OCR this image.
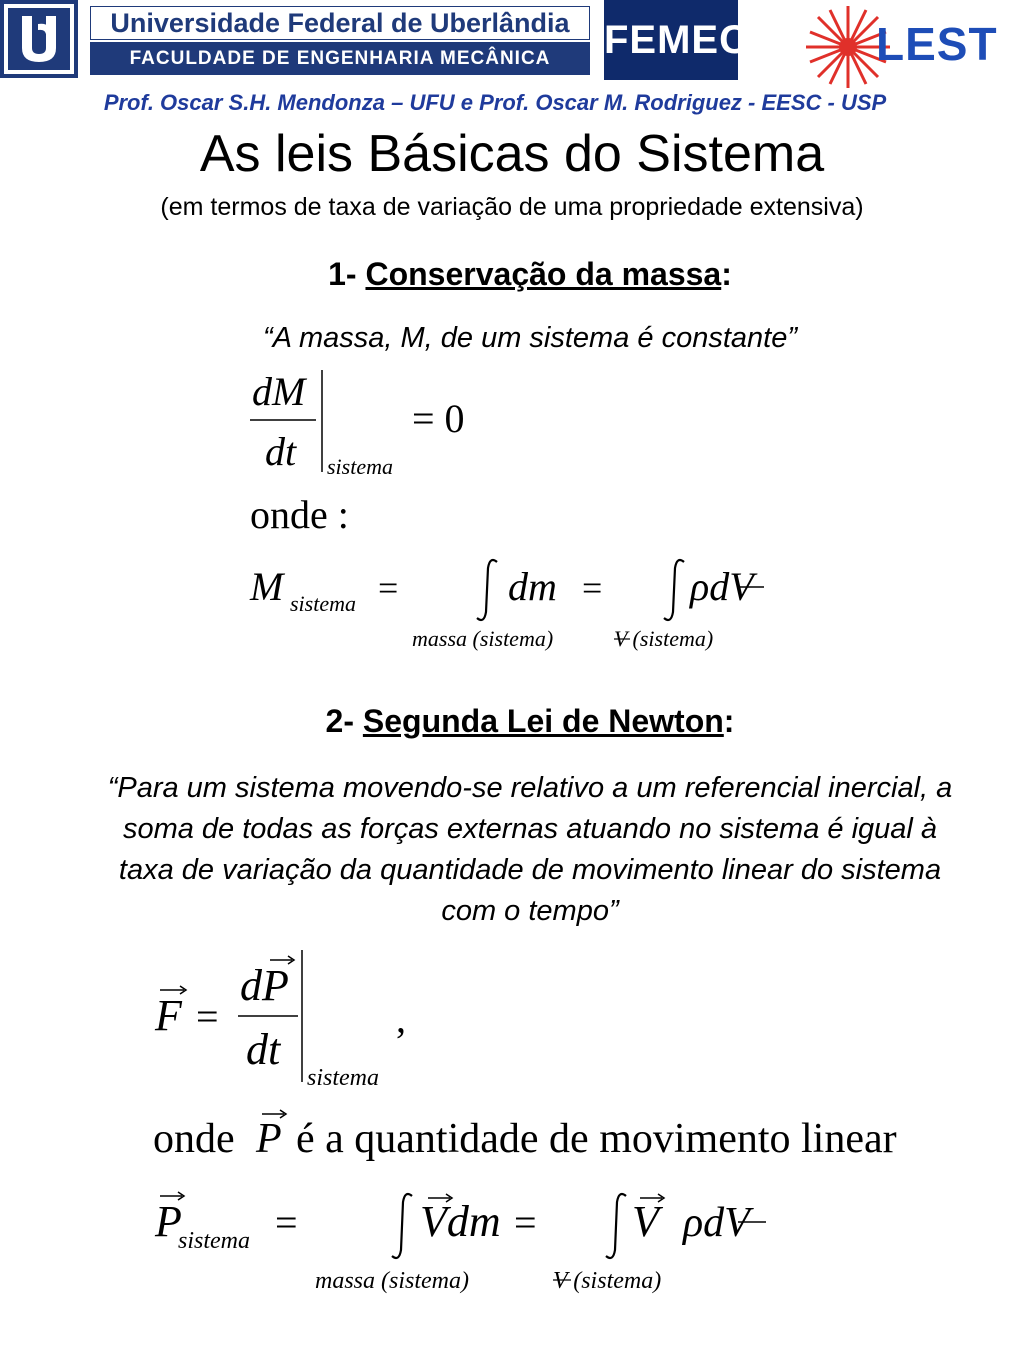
Universidade Federal de Uberlândia
FACULDADE DE ENGENHARIA MECÂNICA	FEMEC	LEST
Prof. Oscar S.H. Mendonza – UFU e Prof. Oscar M. Rodriguez - EESC - USP
As leis Básicas do Sistema
(em termos de taxa de variação de uma propriedade extensiva)
1- Conservação da massa:
“A massa, M, de um sistema é constante”
dM
dt sistema
= 0
onde :
M sistema =	dm = ρdV
massa (sistema)	V (sistema)
F =
dP
dt
sistema
,
onde P é a quantidade de movimento linear
P
sistema =	Vdm = V ρdV
massa (sistema)	V (sistema)
2- Segunda Lei de Newton:
“Para um sistema movendo-se relativo a um referencial inercial, a soma de todas as forças externas atuando no sistema é igual à taxa de variação da quantidade de movimento linear do sistema com o tempo”
